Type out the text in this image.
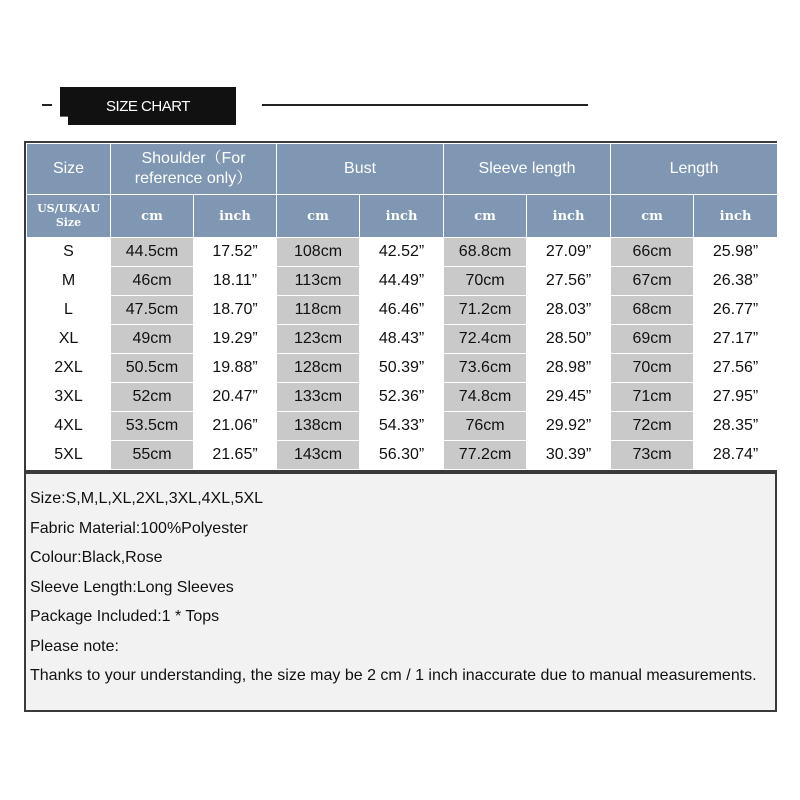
SIZE CHART
Size	Shoulder（For reference only）		Bust		Sleeve length		Length	
US/UK/AU Size	cm	inch	cm	inch	cm	inch	cm	inch
S	44.5cm	17.52”	108cm	42.52”	68.8cm	27.09”	66cm	25.98”
M	46cm	18.11”	113cm	44.49”	70cm	27.56”	67cm	26.38”
L	47.5cm	18.70”	118cm	46.46”	71.2cm	28.03”	68cm	26.77”
XL	49cm	19.29”	123cm	48.43”	72.4cm	28.50”	69cm	27.17”
2XL	50.5cm	19.88”	128cm	50.39”	73.6cm	28.98”	70cm	27.56”
3XL	52cm	20.47”	133cm	52.36”	74.8cm	29.45”	71cm	27.95”
4XL	53.5cm	21.06”	138cm	54.33”	76cm	29.92”	72cm	28.35”
5XL	55cm	21.65”	143cm	56.30”	77.2cm	30.39”	73cm	28.74”
Size:S,M,L,XL,2XL,3XL,4XL,5XL
Fabric Material:100%Polyester
Colour:Black,Rose
Sleeve Length:Long Sleeves
Package Included:1 * Tops
Please note:
Thanks to your understanding, the size may be 2 cm / 1 inch inaccurate due to manual measurements.
